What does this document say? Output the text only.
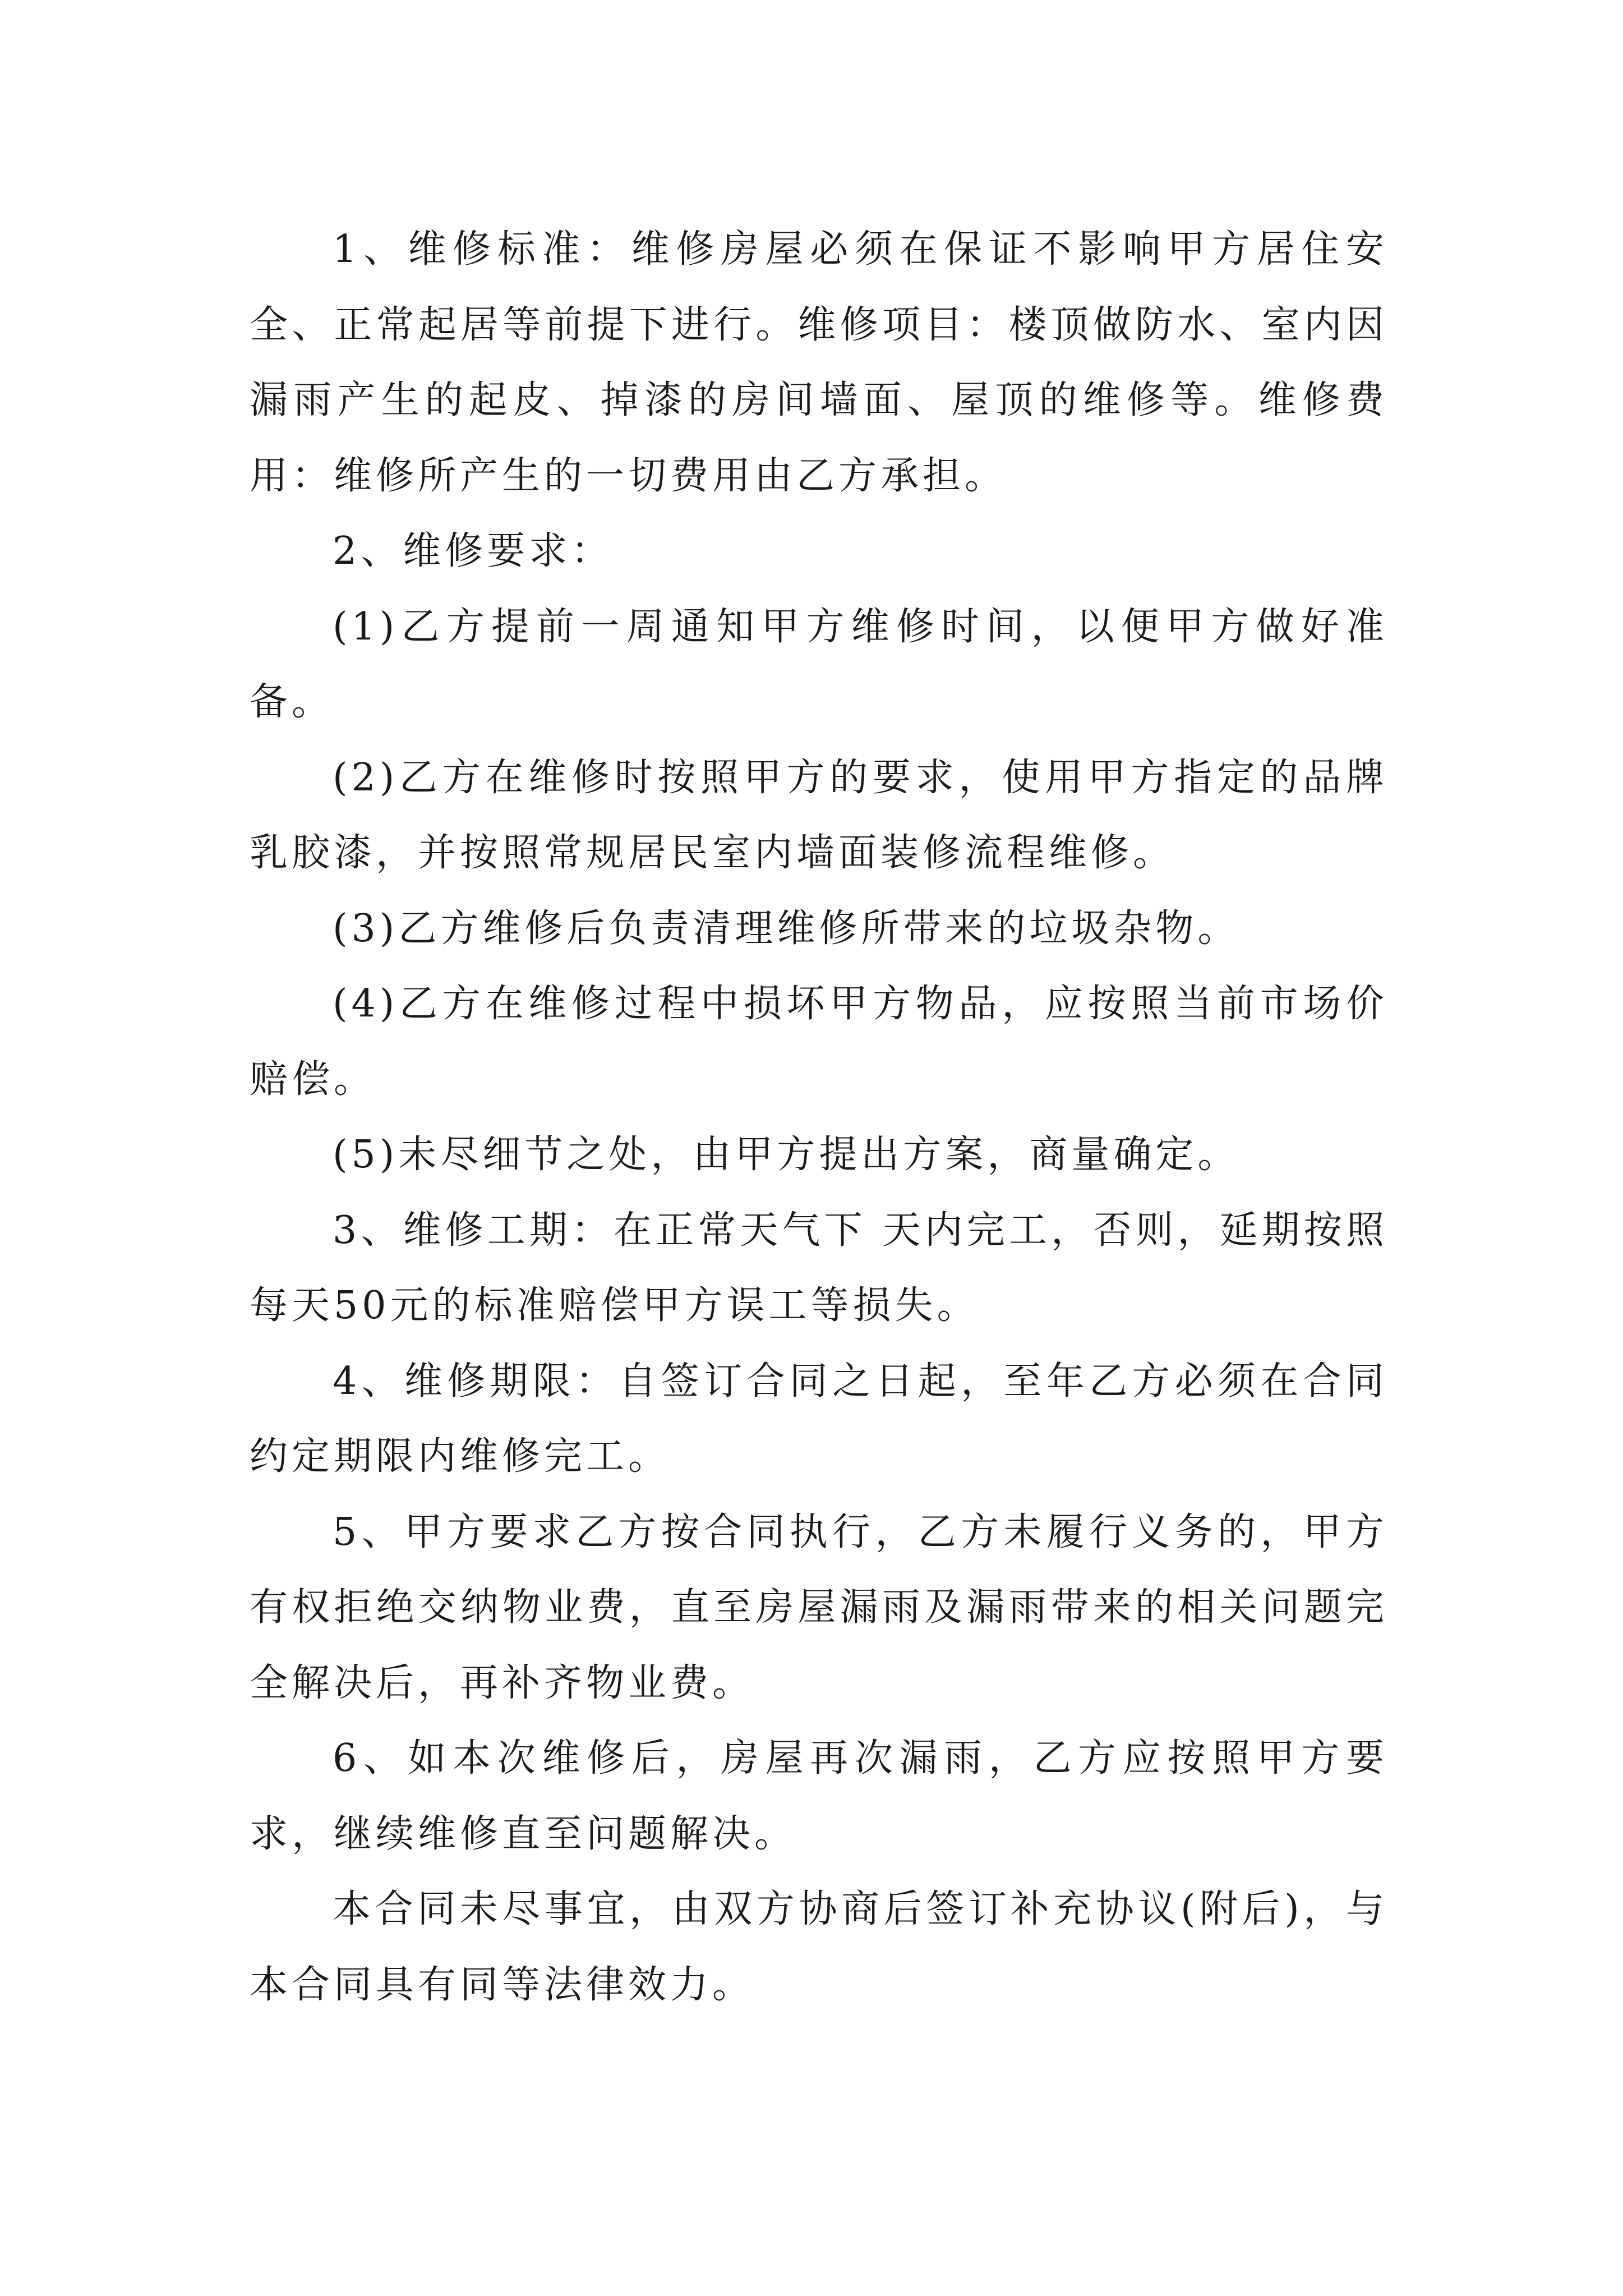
1、维修标准：维修房屋必须在保证不影响甲方居住安全、正常起居等前提下进行。维修项目：楼顶做防水、室内因漏雨产生的起皮、掉漆的房间墙面、屋顶的维修等。维修费用：维修所产生的一切费用由乙方承担。

2、维修要求：

(1)乙方提前一周通知甲方维修时间，以便甲方做好准备。

(2)乙方在维修时按照甲方的要求，使用甲方指定的品牌乳胶漆，并按照常规居民室内墙面装修流程维修。

(3)乙方维修后负责清理维修所带来的垃圾杂物。

(4)乙方在维修过程中损坏甲方物品，应按照当前市场价赔偿。

(5)未尽细节之处，由甲方提出方案，商量确定。

3、维修工期：在正常天气下 天内完工，否则，延期按照每天50元的标准赔偿甲方误工等损失。

4、维修期限：自签订合同之日起，至年乙方必须在合同约定期限内维修完工。

5、甲方要求乙方按合同执行，乙方未履行义务的，甲方有权拒绝交纳物业费，直至房屋漏雨及漏雨带来的相关问题完全解决后，再补齐物业费。

6、如本次维修后，房屋再次漏雨，乙方应按照甲方要求，继续维修直至问题解决。

本合同未尽事宜，由双方协商后签订补充协议(附后)，与本合同具有同等法律效力。
